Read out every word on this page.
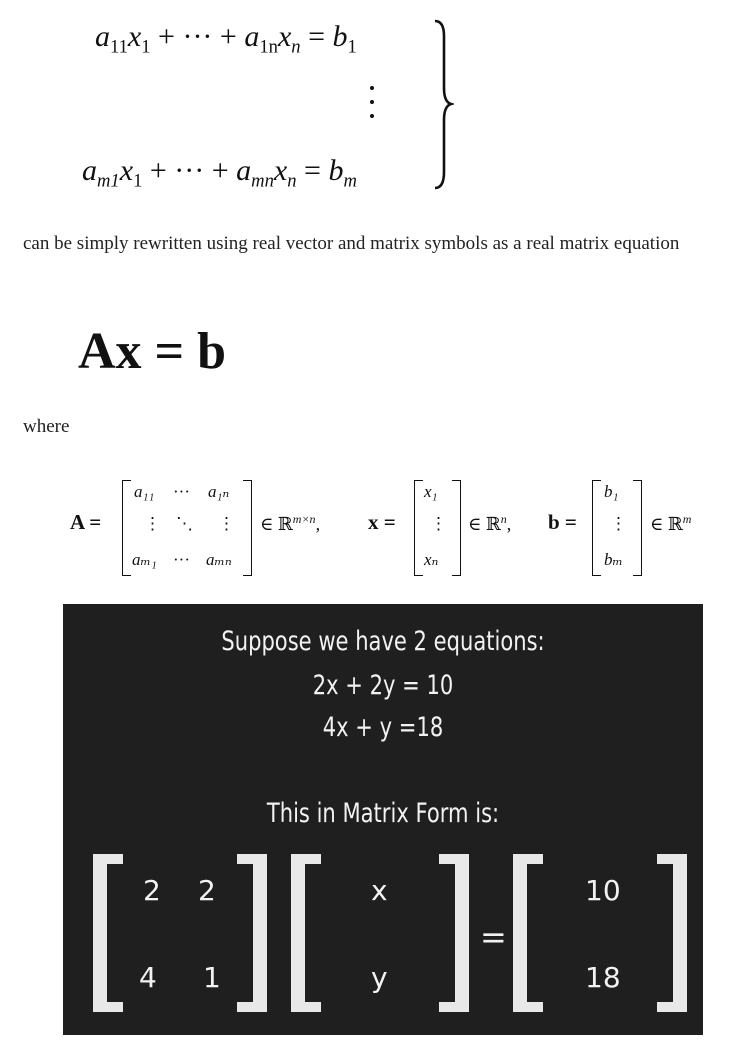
$a_{11}x_1$ + ··· + $a_{1n}x_n = b_1$
$a_{m1}x_1$ + ··· + $a_{mn}x_n = b_m$
can be simply rewritten using real vector and matrix symbols as a real matrix equation
Ax = b
where
A =
a₁₁ ··· a₁ₙ
⋮ ⋱ ⋮
aₘ₁ ··· aₘₙ
∈ ℝ$^{m\times n}$, x =
x₁
⋮
xₙ
∈ ℝ$^n$, b =
b₁
⋮
bₘ
∈ ℝ$^m$
Suppose we have 2 equations:
2x + 2y = 10
4x + y =18
This in Matrix Form is:
2 2
4 1
x
y
=
10
18
